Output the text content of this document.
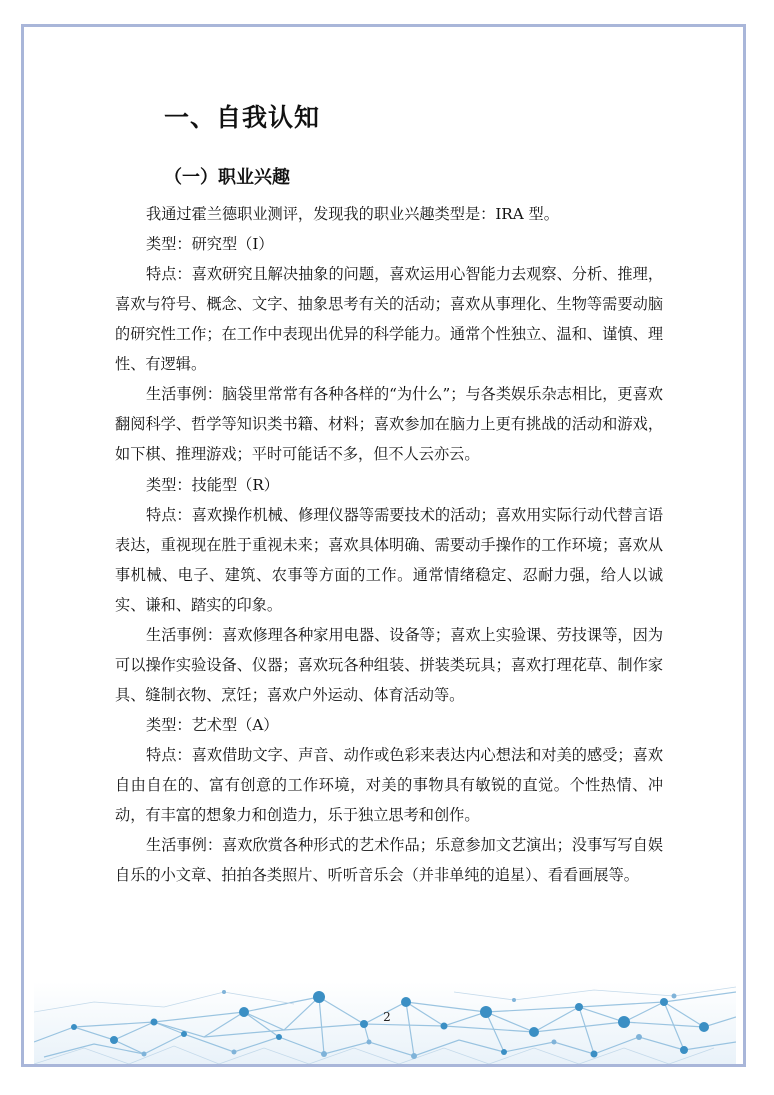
一、自我认知
（一）职业兴趣

我通过霍兰德职业测评，发现我的职业兴趣类型是：IRA 型。

类型：研究型（I）

特点：喜欢研究且解决抽象的问题，喜欢运用心智能力去观察、分析、推理，喜欢与符号、概念、文字、抽象思考有关的活动；喜欢从事理化、生物等需要动脑的研究性工作；在工作中表现出优异的科学能力。通常个性独立、温和、谨慎、理性、有逻辑。

生活事例：脑袋里常常有各种各样的“为什么”；与各类娱乐杂志相比，更喜欢翻阅科学、哲学等知识类书籍、材料；喜欢参加在脑力上更有挑战的活动和游戏，如下棋、推理游戏；平时可能话不多，但不人云亦云。

类型：技能型（R）

特点：喜欢操作机械、修理仪器等需要技术的活动；喜欢用实际行动代替言语表达，重视现在胜于重视未来；喜欢具体明确、需要动手操作的工作环境；喜欢从事机械、电子、建筑、农事等方面的工作。通常情绪稳定、忍耐力强，给人以诚实、谦和、踏实的印象。

生活事例：喜欢修理各种家用电器、设备等；喜欢上实验课、劳技课等，因为可以操作实验设备、仪器；喜欢玩各种组装、拼装类玩具；喜欢打理花草、制作家具、缝制衣物、烹饪；喜欢户外运动、体育活动等。

类型：艺术型（A）

特点：喜欢借助文字、声音、动作或色彩来表达内心想法和对美的感受；喜欢自由自在的、富有创意的工作环境，对美的事物具有敏锐的直觉。个性热情、冲动，有丰富的想象力和创造力，乐于独立思考和创作。

生活事例：喜欢欣赏各种形式的艺术作品；乐意参加文艺演出；没事写写自娱自乐的小文章、拍拍各类照片、听听音乐会（并非单纯的追星）、看看画展等。

2
